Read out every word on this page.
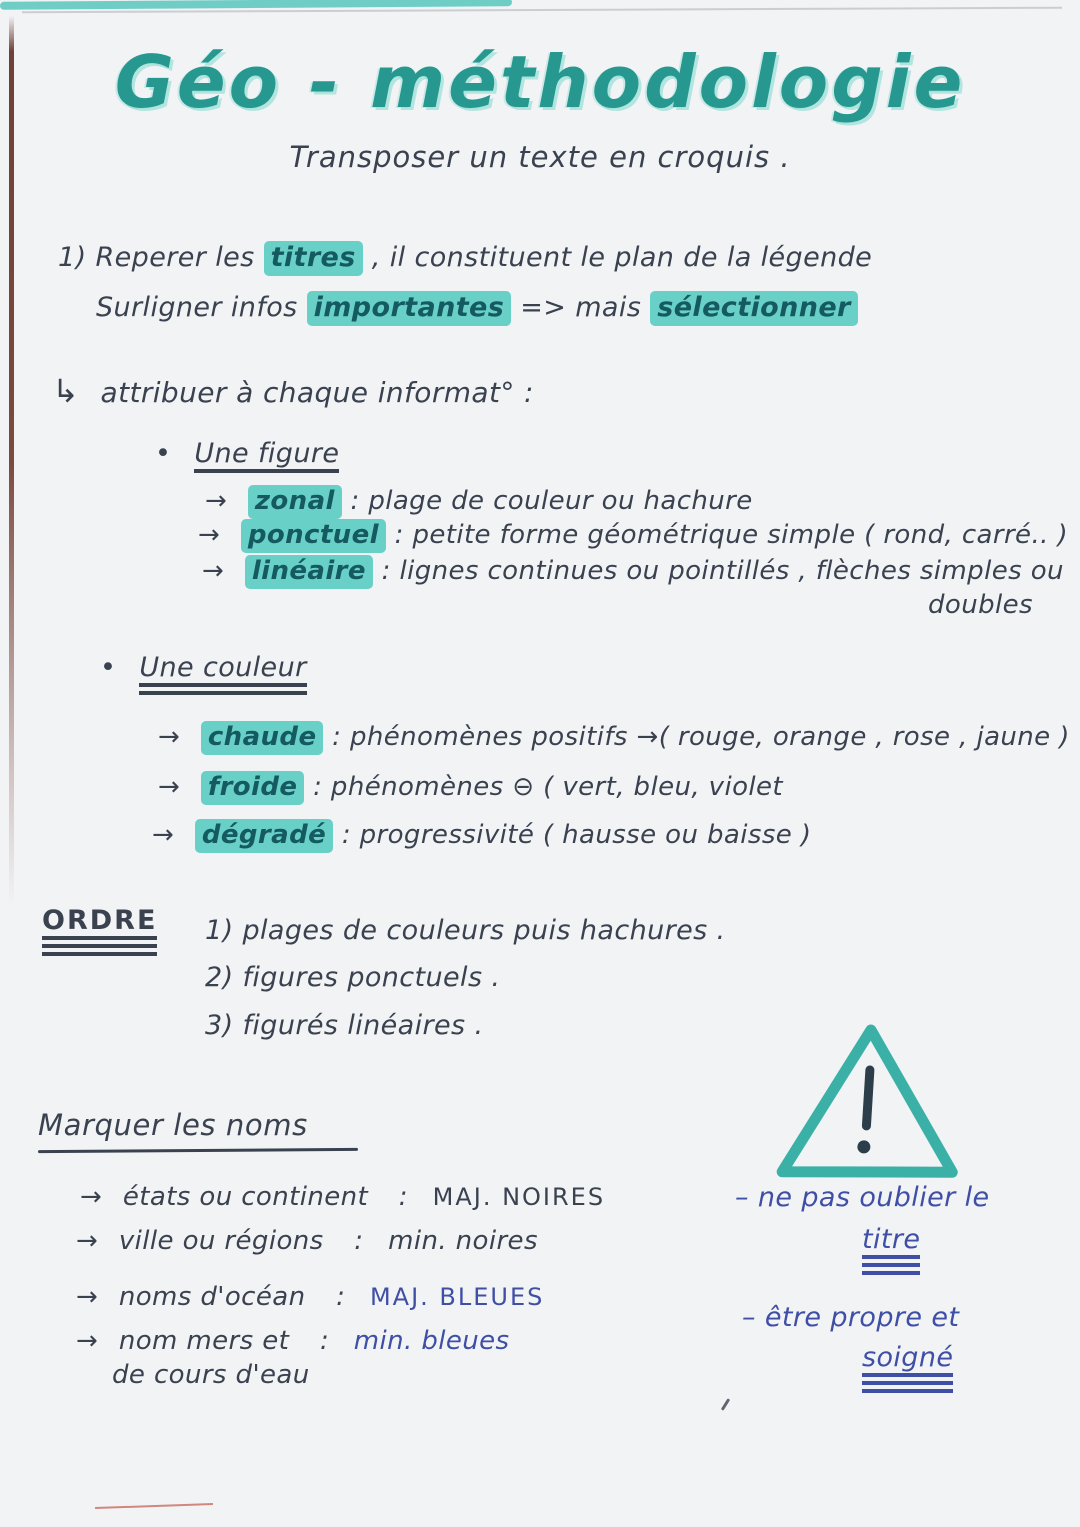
Géo - méthodologie
Transposer un texte en croquis .
1) Reperer les titres , il constituent le plan de la légende
Surligner infos importantes => mais sélectionner
↳ attribuer à chaque informat° :
• Une figure
→ zonal : plage de couleur ou hachure
→ ponctuel : petite forme géométrique simple ( rond, carré.. )
→ linéaire : lignes continues ou pointillés , flèches simples ou
doubles
• Une couleur
→ chaude : phénomènes positifs →( rouge, orange , rose , jaune )
→ froide : phénomènes ⊖ ( vert, bleu, violet
→ dégradé : progressivité ( hausse ou baisse )
ORDRE 1) plages de couleurs puis hachures .
2) figures ponctuels .
3) figurés linéaires .
Marquer les noms
→ états ou continent : MAJ. NOIRES
→ ville ou régions : min. noires
→ noms d'océan : MAJ. BLEUES
→ nom mers et : min. bleues
de cours d'eau
– ne pas oublier le
titre
– être propre et
soigné
